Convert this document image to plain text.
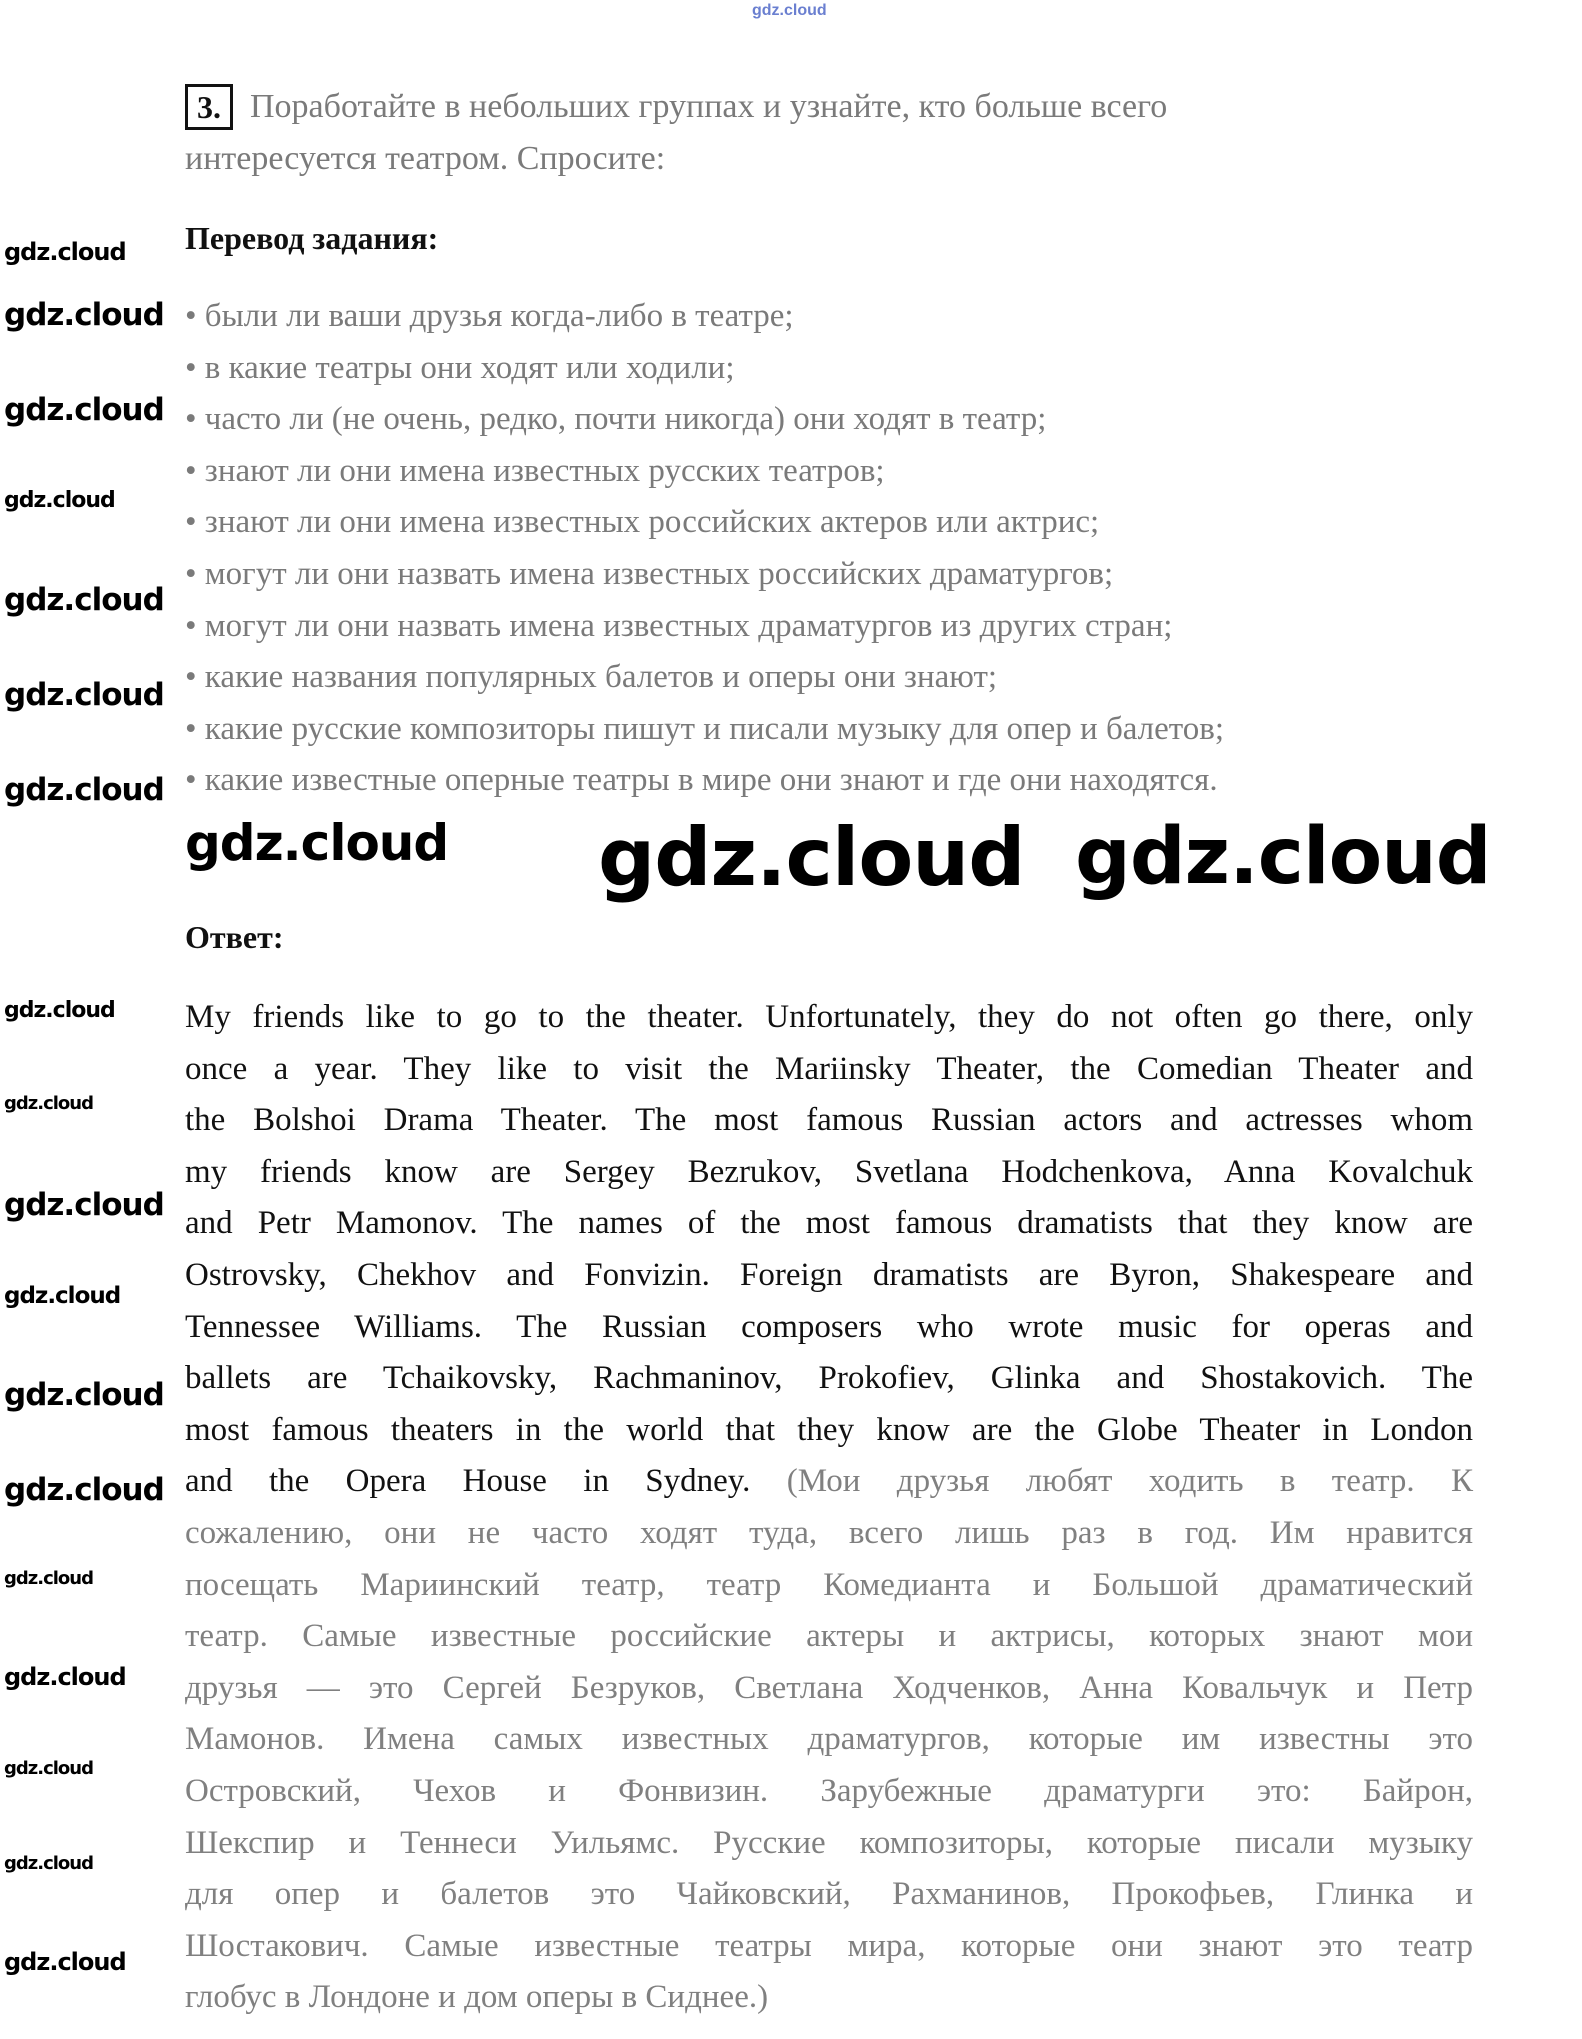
gdz.cloud
3. Поработайте в небольших группах и узнайте, кто больше всего
интересуется театром. Спросите:
Перевод задания:
• были ли ваши друзья когда-либо в театре;
• в какие театры они ходят или ходили;
• часто ли (не очень, редко, почти никогда) они ходят в театр;
• знают ли они имена известных русских театров;
• знают ли они имена известных российских актеров или актрис;
• могут ли они назвать имена известных российских драматургов;
• могут ли они назвать имена известных драматургов из других стран;
• какие названия популярных балетов и оперы они знают;
• какие русские композиторы пишут и писали музыку для опер и балетов;
• какие известные оперные театры в мире они знают и где они находятся.
Ответ:
My friends like to go to the theater. Unfortunately, they do not often go there, only
once a year. They like to visit the Mariinsky Theater, the Comedian Theater and
the Bolshoi Drama Theater. The most famous Russian actors and actresses whom
my friends know are Sergey Bezrukov, Svetlana Hodchenkova, Anna Kovalchuk
and Petr Mamonov. The names of the most famous dramatists that they know are
Ostrovsky, Chekhov and Fonvizin. Foreign dramatists are Byron, Shakespeare and
Tennessee Williams. The Russian composers who wrote music for operas and
ballets are Tchaikovsky, Rachmaninov, Prokofiev, Glinka and Shostakovich. The
most famous theaters in the world that they know are the Globe Theater in London
and the Opera House in Sydney. (Мои друзья любят ходить в театр. К
сожалению, они не часто ходят туда, всего лишь раз в год. Им нравится
посещать Мариинский театр, театр Комедианта и Большой драматический
театр. Самые известные российские актеры и актрисы, которых знают мои
друзья — это Сергей Безруков, Светлана Ходченков, Анна Ковальчук и Петр
Мамонов. Имена самых известных драматургов, которые им известны это
Островский, Чехов и Фонвизин. Зарубежные драматурги это: Байрон,
Шекспир и Теннеси Уильямс. Русские композиторы, которые писали музыку
для опер и балетов это Чайковский, Рахманинов, Прокофьев, Глинка и
Шостакович. Самые известные театры мира, которые они знают это театр
глобус в Лондоне и дом оперы в Сиднее.)
gdz.cloud	gdz.cloud
gdz.cloud
gdz.cloud
gdz.cloud
gdz.cloud
gdz.cloud
gdz.cloud
gdz.cloud
gdz.cloud
gdz.cloud
gdz.cloud
gdz.cloud
gdz.cloud
gdz.cloud
gdz.cloud
gdz.cloud
gdz.cloud
gdz.cloud
gdz.cloud
gdz.cloud
